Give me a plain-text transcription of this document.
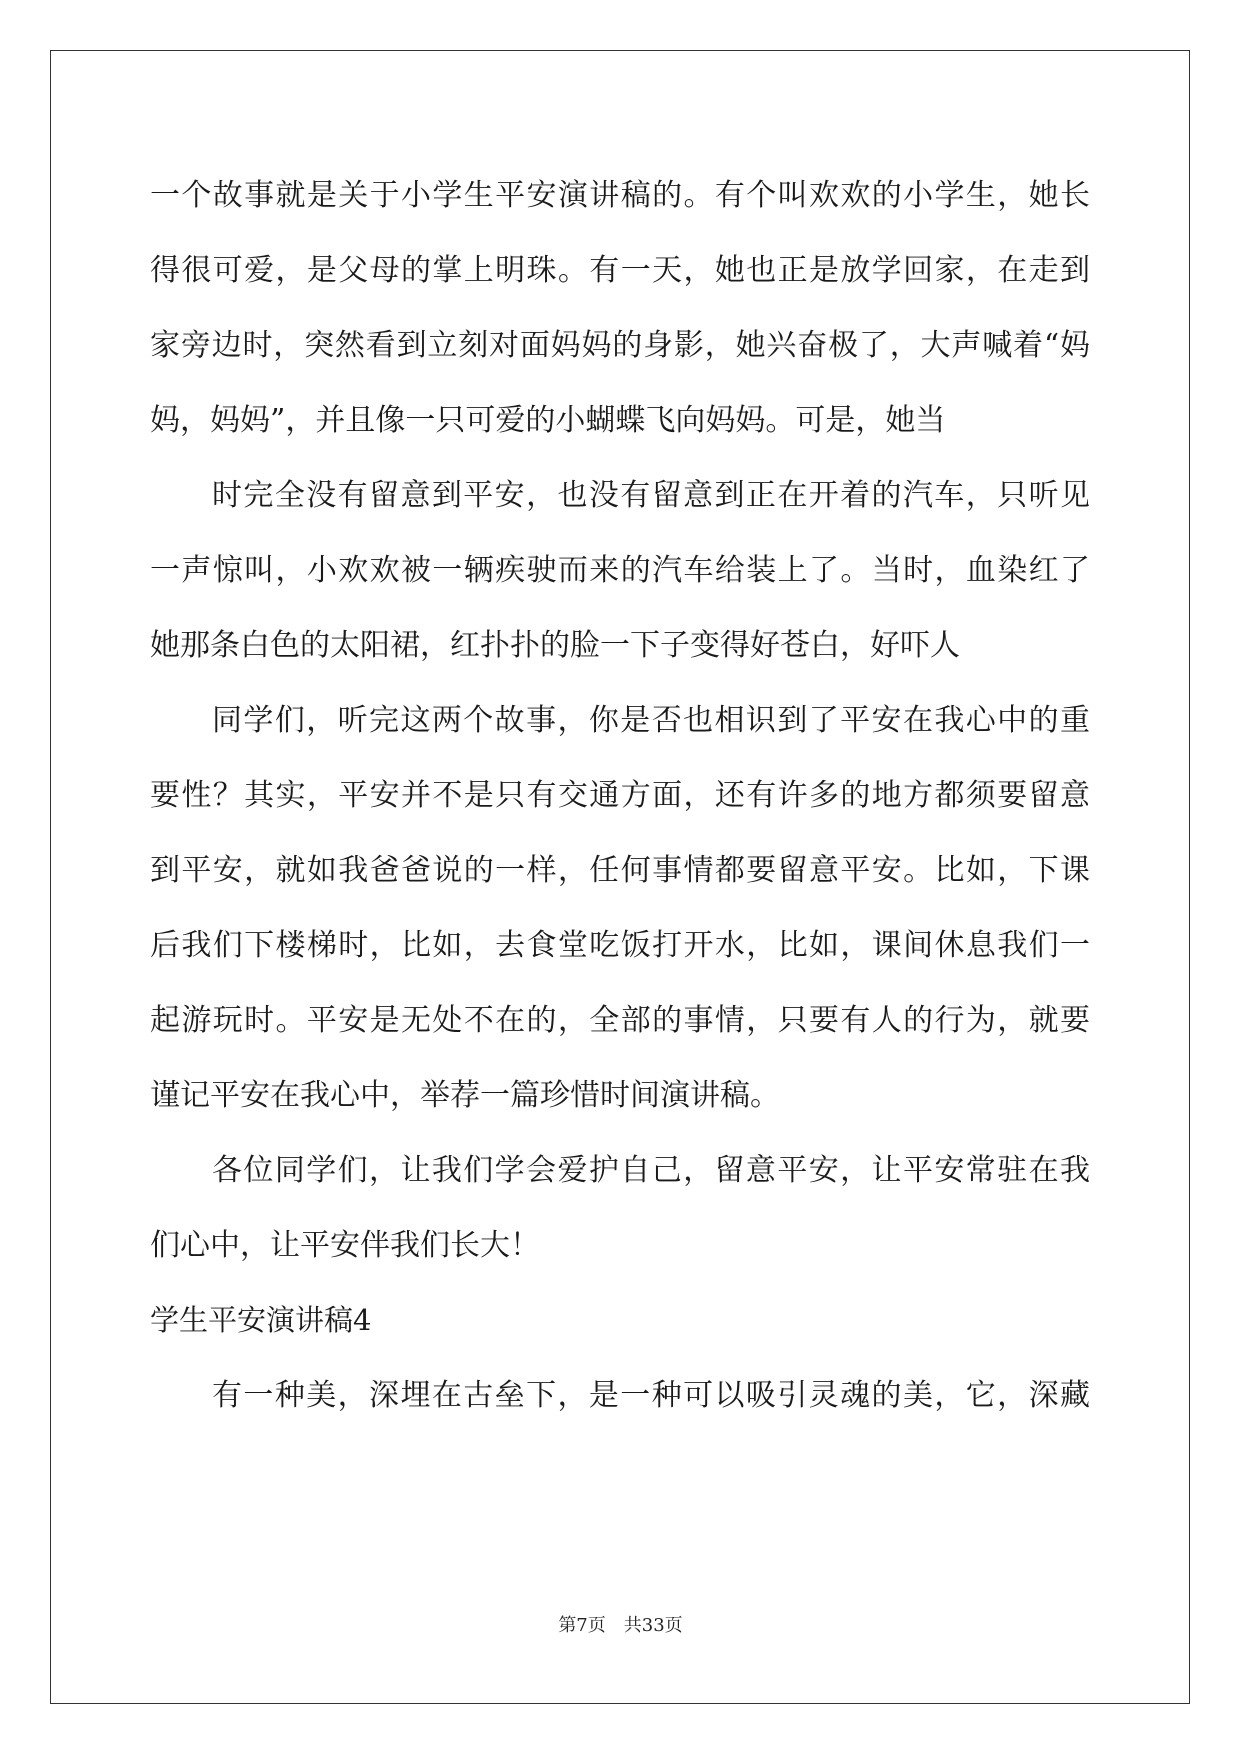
一个故事就是关于小学生平安演讲稿的。有个叫欢欢的小学生，她长
得很可爱，是父母的掌上明珠。有一天，她也正是放学回家，在走到
家旁边时，突然看到立刻对面妈妈的身影，她兴奋极了，大声喊着“妈
妈，妈妈”，并且像一只可爱的小蝴蝶飞向妈妈。可是，她当
时完全没有留意到平安，也没有留意到正在开着的汽车，只听见
一声惊叫，小欢欢被一辆疾驶而来的汽车给装上了。当时，血染红了
她那条白色的太阳裙，红扑扑的脸一下子变得好苍白，好吓人
同学们，听完这两个故事，你是否也相识到了平安在我心中的重
要性？其实，平安并不是只有交通方面，还有许多的地方都须要留意
到平安，就如我爸爸说的一样，任何事情都要留意平安。比如，下课
后我们下楼梯时，比如，去食堂吃饭打开水，比如，课间休息我们一
起游玩时。平安是无处不在的，全部的事情，只要有人的行为，就要
谨记平安在我心中，举荐一篇珍惜时间演讲稿。
各位同学们，让我们学会爱护自己，留意平安，让平安常驻在我
们心中，让平安伴我们长大！
学生平安演讲稿4
有一种美，深埋在古垒下，是一种可以吸引灵魂的美，它，深藏
第7页　共33页
